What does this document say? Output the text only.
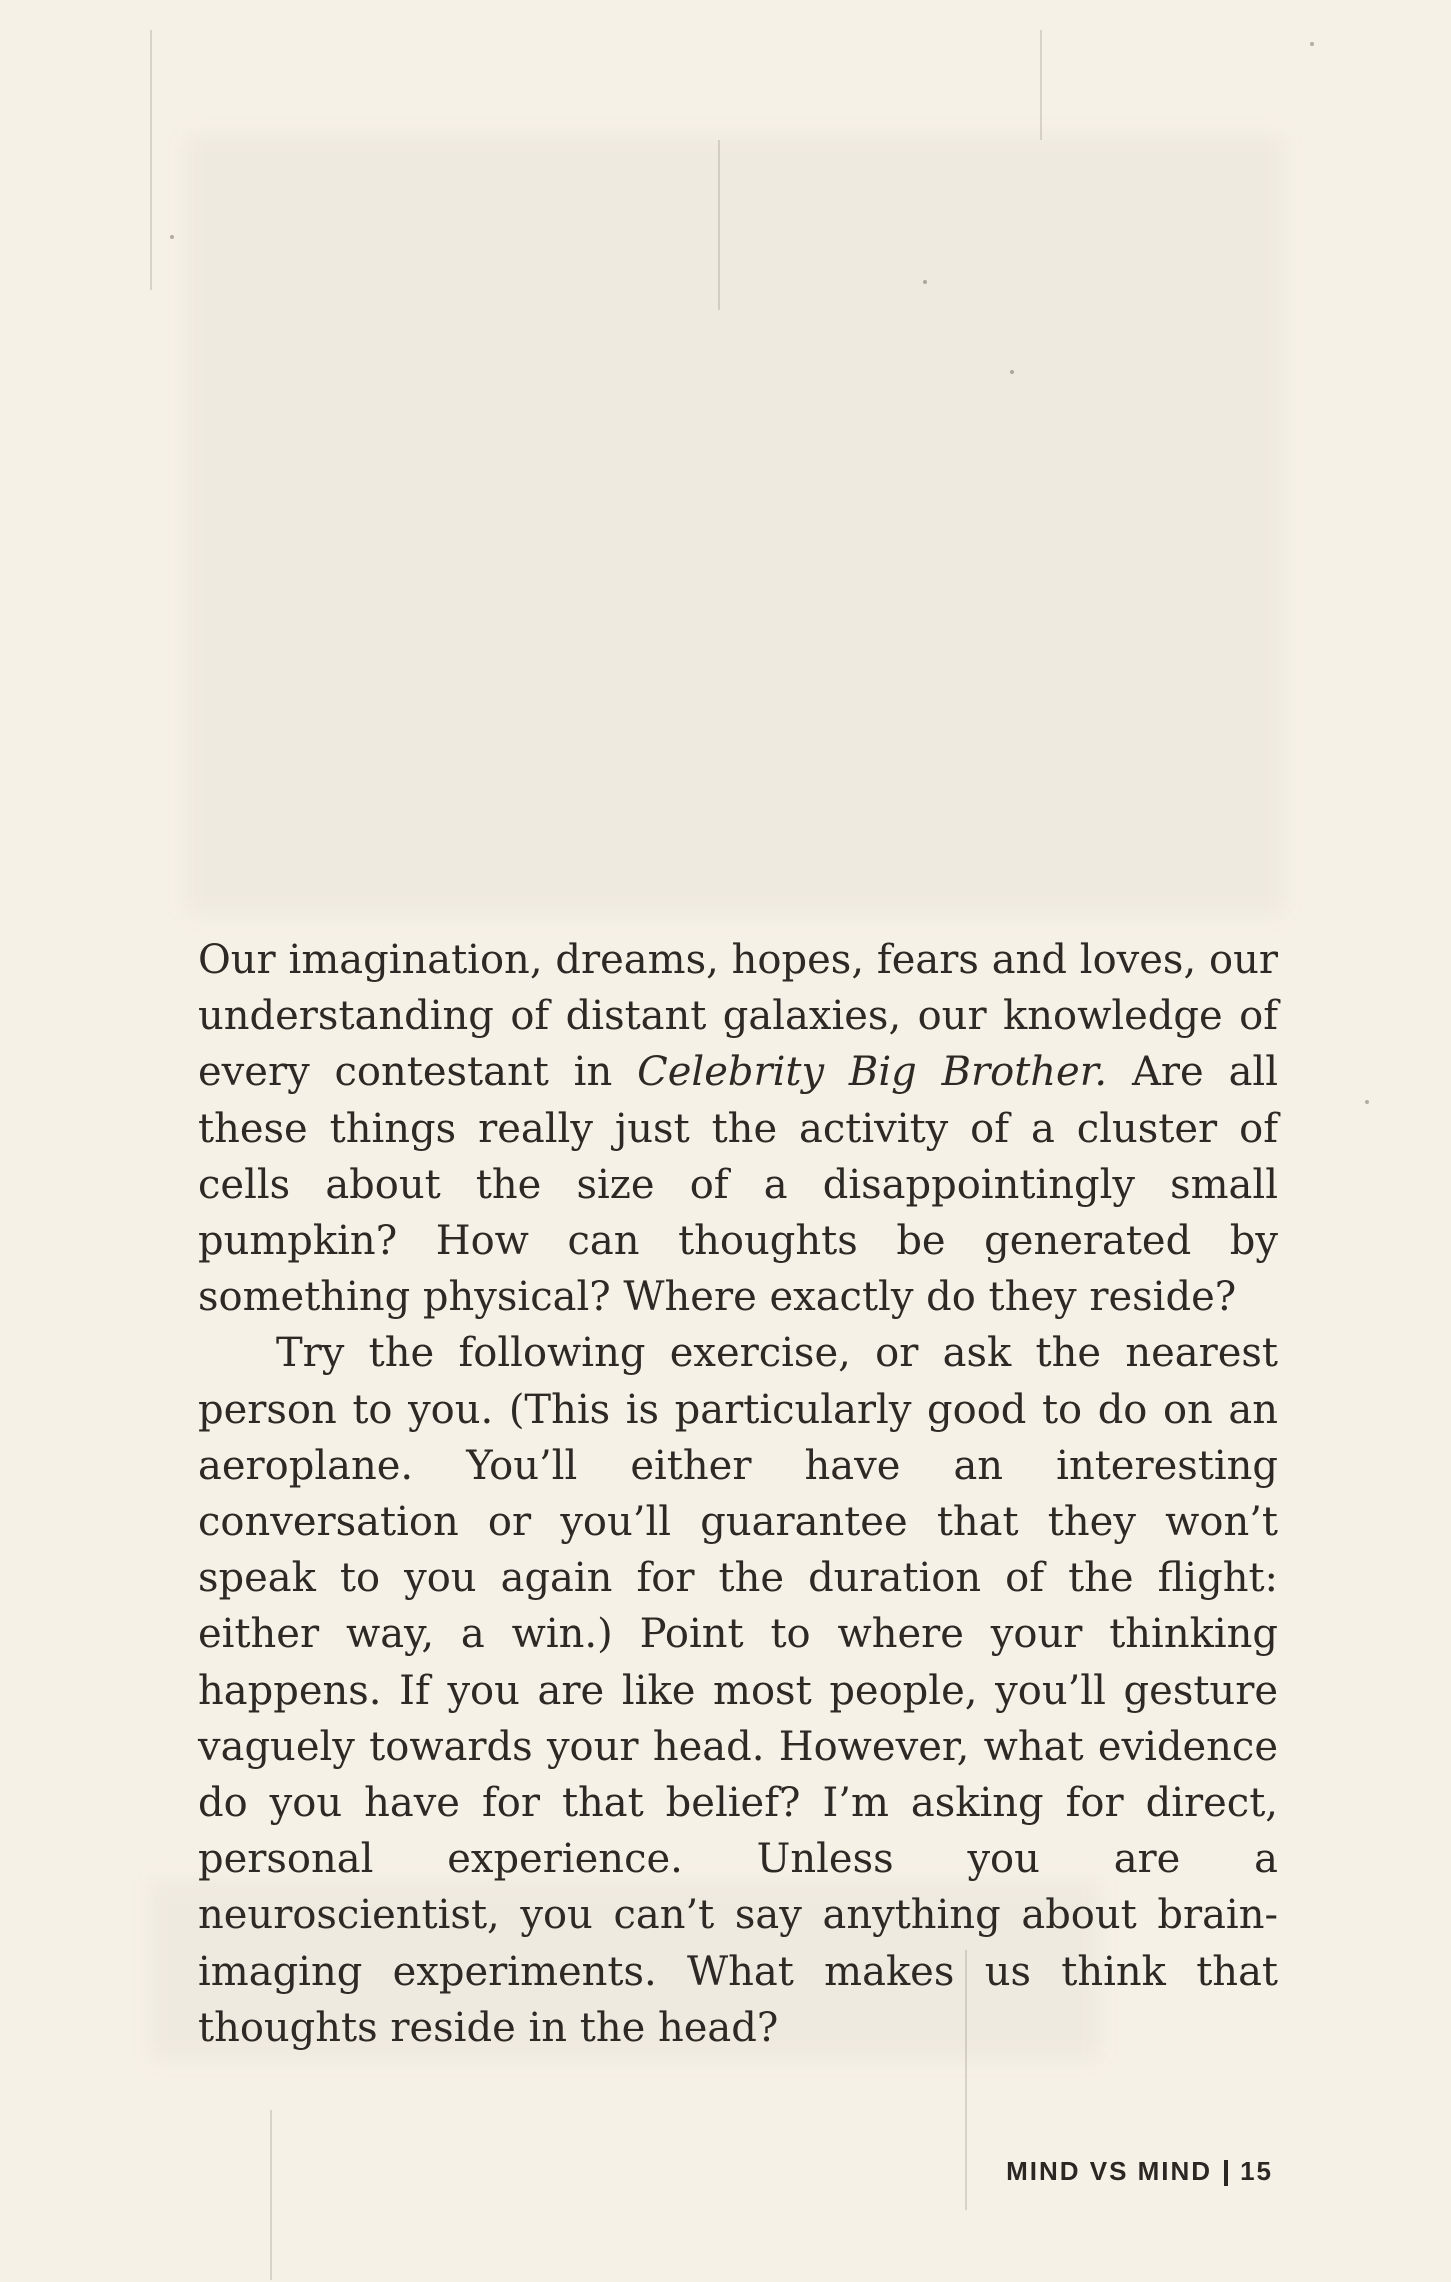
Our imagination, dreams, hopes, fears and loves, our understanding of distant galaxies, our knowledge of every contestant in Celebrity Big Brother. Are all these things really just the activity of a cluster of cells about the size of a disappointingly small pumpkin? How can thoughts be generated by something physical? Where exactly do they reside?

Try the following exercise, or ask the nearest person to you. (This is particularly good to do on an aeroplane. You’ll either have an interesting conversation or you’ll guarantee that they won’t speak to you again for the duration of the flight: either way, a win.) Point to where your thinking happens. If you are like most people, you’ll gesture vaguely towards your head. However, what evidence do you have for that belief? I’m asking for direct, personal experience. Unless you are a neuroscientist, you can’t say anything about brain-imaging experiments. What makes us think that thoughts reside in the head?

MIND VS MIND 15
